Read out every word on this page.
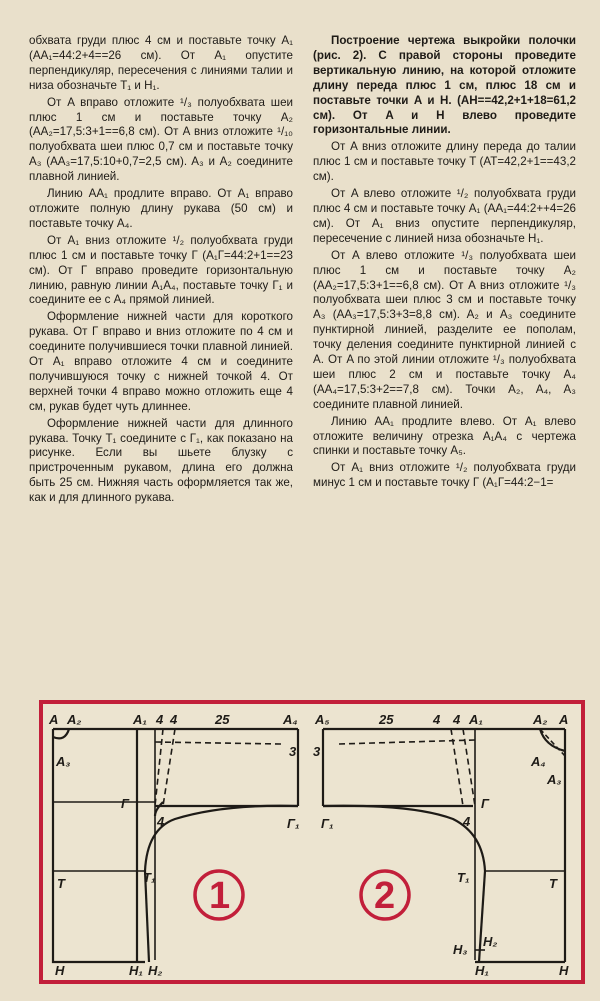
обхвата груди плюс 4 см и поставьте точку A₁ (AA₁=44:2+4==26 см). От A₁ опустите перпендикуляр, пересечения с линиями талии и низа обозначьте T₁ и H₁.

От A вправо отложите ¹/₃ полуобхвата шеи плюс 1 см и поставьте точку A₂ (AA₂=17,5:3+1==6,8 см). От A вниз отложите ¹/₁₀ полуобхвата шеи плюс 0,7 см и поставьте точку A₃ (AA₃=17,5:10+0,7=2,5 см). A₃ и A₂ соедините плавной линией.

Линию AA₁ продлите вправо. От A₁ вправо отложите полную длину рукава (50 см) и поставьте точку A₄.

От A₁ вниз отложите ¹/₂ полуобхвата груди плюс 1 см и поставьте точку Г (A₁Г=44:2+1==23 см). От Г вправо проведите горизонтальную линию, равную линии A₁A₄, поставьте точку Г₁ и соедините ее с A₄ прямой линией.

Оформление нижней части для короткого рукава. От Г вправо и вниз отложите по 4 см и соедините получившиеся точки плавной линией. От A₁ вправо отложите 4 см и соедините получившуюся точку с нижней точкой 4. От верхней точки 4 вправо можно отложить еще 4 см, рукав будет чуть длиннее.

Оформление нижней части для длинного рукава. Точку T₁ соедините с Г₁, как показано на рисунке. Если вы шьете блузку с пристроченным рукавом, длина его должна быть 25 см. Нижняя часть оформляется так же, как и для длинного рукава.

Построение чертежа выкройки полочки (рис. 2). С правой стороны проведите вертикальную линию, на которой отложите длину переда плюс 1 см, плюс 18 см и поставьте точки A и H. (AH==42,2+1+18=61,2 см). От A и H влево проведите горизонтальные линии.

От A вниз отложите длину переда до талии плюс 1 см и поставьте точку T (AT=42,2+1==43,2 см).

От A влево отложите ¹/₂ полуобхвата груди плюс 4 см и поставьте точку A₁ (AA₁=44:2++4=26 см). От A₁ вниз опустите перпендикуляр, пересечение с линией низа обозначьте H₁.

От A влево отложите ¹/₃ полуобхвата шеи плюс 1 см и поставьте точку A₂ (AA₂=17,5:3+1==6,8 см). От A вниз отложите ¹/₃ полуобхвата шеи плюс 3 см и поставьте точку A₃ (AA₃=17,5:3+3=8,8 см). A₂ и A₃ соедините пунктирной линией, разделите ее пополам, точку деления соедините пунктирной линией с A. От A по этой линии отложите ¹/₃ полуобхвата шеи плюс 2 см и поставьте точку A₄ (AA₄=17,5:3+2==7,8 см). Точки A₂, A₄, A₃ соедините плавной линией.

Линию AA₁ продлите влево. От A₁ влево отложите величину отрезка A₁A₄ с чертежа спинки и поставьте точку A₅.

От A₁ вниз отложите ¹/₂ полуобхвата груди минус 1 см и поставьте точку Г (A₁Г=44:2−1=

A A₂	A₁ 4 4	25	A₄
A₃
3
Г
4	Г₁
T	T₁
H	H₁ H₂
1
A₅	25	4 4 A₁	A₂ A
3
A₄
A₃
Г₁
Г
4
T₁	T
H₃
H₂
H₁	H
2
